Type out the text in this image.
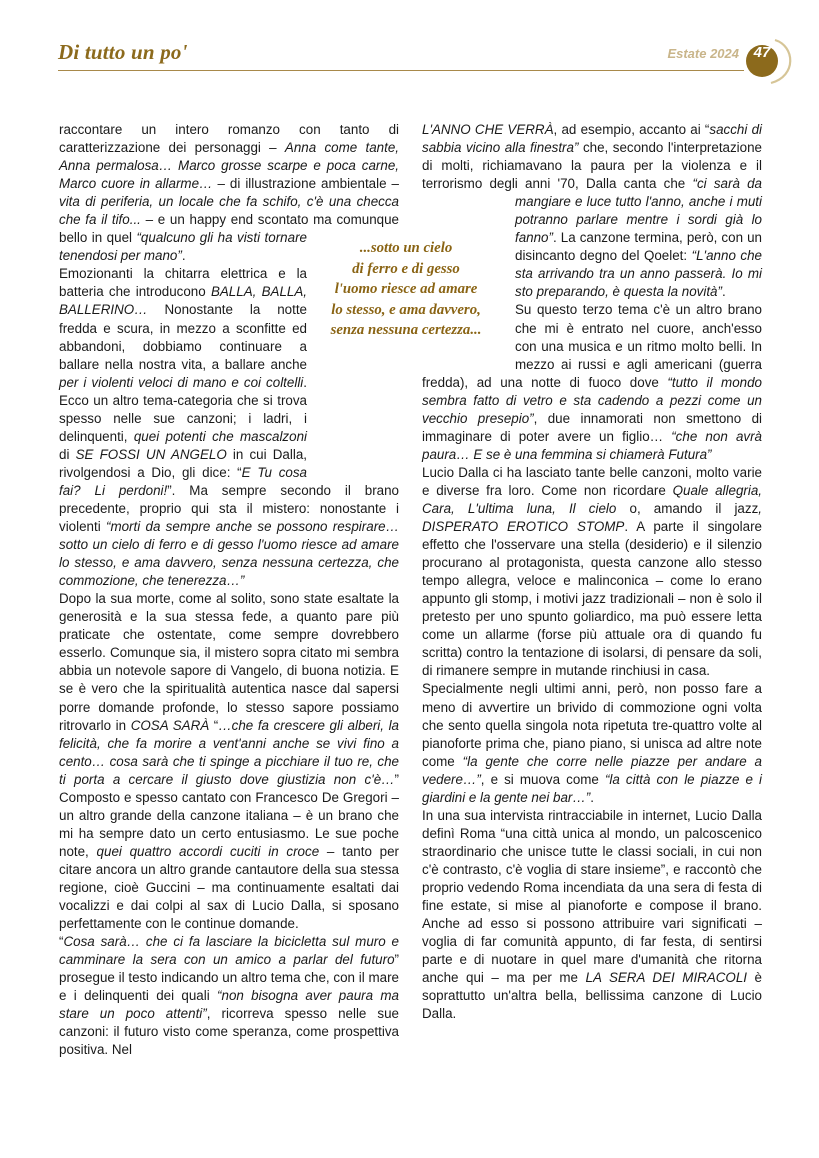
Di tutto un po'	Estate 2024 47

raccontare un intero romanzo con tanto di caratterizzazione dei personaggi – Anna come tante, Anna permalosa… Marco grosse scarpe e poca carne, Marco cuore in allarme… – di illustrazione ambientale – vita di periferia, un locale che fa schifo, c'è una checca che fa il tifo... – e un happy end scontato ma comunque bello in quel “qualcuno gli ha visti tornare tenendosi per mano”.

Emozionanti la chitarra elettrica e la batteria che introducono BALLA, BALLA, BALLERINO… Nonostante la notte fredda e scura, in mezzo a sconfitte ed abbandoni, dobbiamo continuare a ballare nella nostra vita, a ballare anche per i violenti veloci di mano e coi coltelli. Ecco un altro tema-categoria che si trova spesso nelle sue canzoni; i ladri, i delinquenti, quei potenti che mascalzoni di SE FOSSI UN ANGELO in cui Dalla, rivolgendosi a Dio, gli dice: “E Tu cosa fai? Li perdoni!”. Ma sempre secondo il brano precedente, proprio qui sta il mistero: nonostante i violenti “morti da sempre anche se possono respirare… sotto un cielo di ferro e di gesso l'uomo riesce ad amare lo stesso, e ama davvero, senza nessuna certezza, che commozione, che tenerezza…”

Dopo la sua morte, come al solito, sono state esaltate la generosità e la sua stessa fede, a quanto pare più praticate che ostentate, come sempre dovrebbero esserlo. Comunque sia, il mistero sopra citato mi sembra abbia un notevole sapore di Vangelo, di buona notizia. E se è vero che la spiritualità autentica nasce dal sapersi porre domande profonde, lo stesso sapore possiamo ritrovarlo in COSA SARÀ “…che fa crescere gli alberi, la felicità, che fa morire a vent'anni anche se vivi fino a cento… cosa sarà che ti spinge a picchiare il tuo re, che ti porta a cercare il giusto dove giustizia non c'è…” Composto e spesso cantato con Francesco De Gregori – un altro grande della canzone italiana – è un brano che mi ha sempre dato un certo entusiasmo. Le sue poche note, quei quattro accordi cuciti in croce – tanto per citare ancora un altro grande cantautore della sua stessa regione, cioè Guccini – ma continuamente esaltati dai vocalizzi e dai colpi al sax di Lucio Dalla, si sposano perfettamente con le continue domande.

“Cosa sarà… che ci fa lasciare la bicicletta sul muro e camminare la sera con un amico a parlar del futuro” prosegue il testo indicando un altro tema che, con il mare e i delinquenti dei quali “non bisogna aver paura ma stare un poco attenti”, ricorreva spesso nelle sue canzoni: il futuro visto come speranza, come prospettiva positiva. Nel

L'ANNO CHE VERRÀ, ad esempio, accanto ai “sacchi di sabbia vicino alla finestra” che, secondo l'interpretazione di molti, richiamavano la paura per la violenza e il terrorismo degli anni '70, Dalla canta che “ci sarà da mangiare e luce tutto l'anno, anche i muti potranno parlare mentre i sordi già lo fanno”. La canzone termina, però, con un disincanto degno del Qoelet: “L'anno che sta arrivando tra un anno passerà. Io mi sto preparando, è questa la novità”.

Su questo terzo tema c'è un altro brano che mi è entrato nel cuore, anch'esso con una musica e un ritmo molto belli. In mezzo ai russi e agli americani (guerra fredda), ad una notte di fuoco dove “tutto il mondo sembra fatto di vetro e sta cadendo a pezzi come un vecchio presepio”, due innamorati non smettono di immaginare di poter avere un figlio… “che non avrà paura… E se è una femmina si chiamerà Futura”

Lucio Dalla ci ha lasciato tante belle canzoni, molto varie e diverse fra loro. Come non ricordare Quale allegria, Cara, L'ultima luna, Il cielo o, amando il jazz, DISPERATO EROTICO STOMP. A parte il singolare effetto che l'osservare una stella (desiderio) e il silenzio procurano al protagonista, questa canzone allo stesso tempo allegra, veloce e malinconica – come lo erano appunto gli stomp, i motivi jazz tradizionali – non è solo il pretesto per uno spunto goliardico, ma può essere letta come un allarme (forse più attuale ora di quando fu scritta) contro la tentazione di isolarsi, di pensare da soli, di rimanere sempre in mutande rinchiusi in casa.

Specialmente negli ultimi anni, però, non posso fare a meno di avvertire un brivido di commozione ogni volta che sento quella singola nota ripetuta tre-quattro volte al pianoforte prima che, piano piano, si unisca ad altre note come “la gente che corre nelle piazze per andare a vedere…”, e si muova come “la città con le piazze e i giardini e la gente nei bar…”.

In una sua intervista rintracciabile in internet, Lucio Dalla definì Roma “una città unica al mondo, un palcoscenico straordinario che unisce tutte le classi sociali, in cui non c'è contrasto, c'è voglia di stare insieme”, e raccontò che proprio vedendo Roma incendiata da una sera di festa di fine estate, si mise al pianoforte e compose il brano. Anche ad esso si possono attribuire vari significati – voglia di far comunità appunto, di far festa, di sentirsi parte e di nuotare in quel mare d'umanità che ritorna anche qui – ma per me LA SERA DEI MIRACOLI è soprattutto un'altra bella, bellissima canzone di Lucio Dalla.

...sotto un cielo
di ferro e di gesso
l'uomo riesce ad amare
lo stesso, e ama davvero,
senza nessuna certezza...
